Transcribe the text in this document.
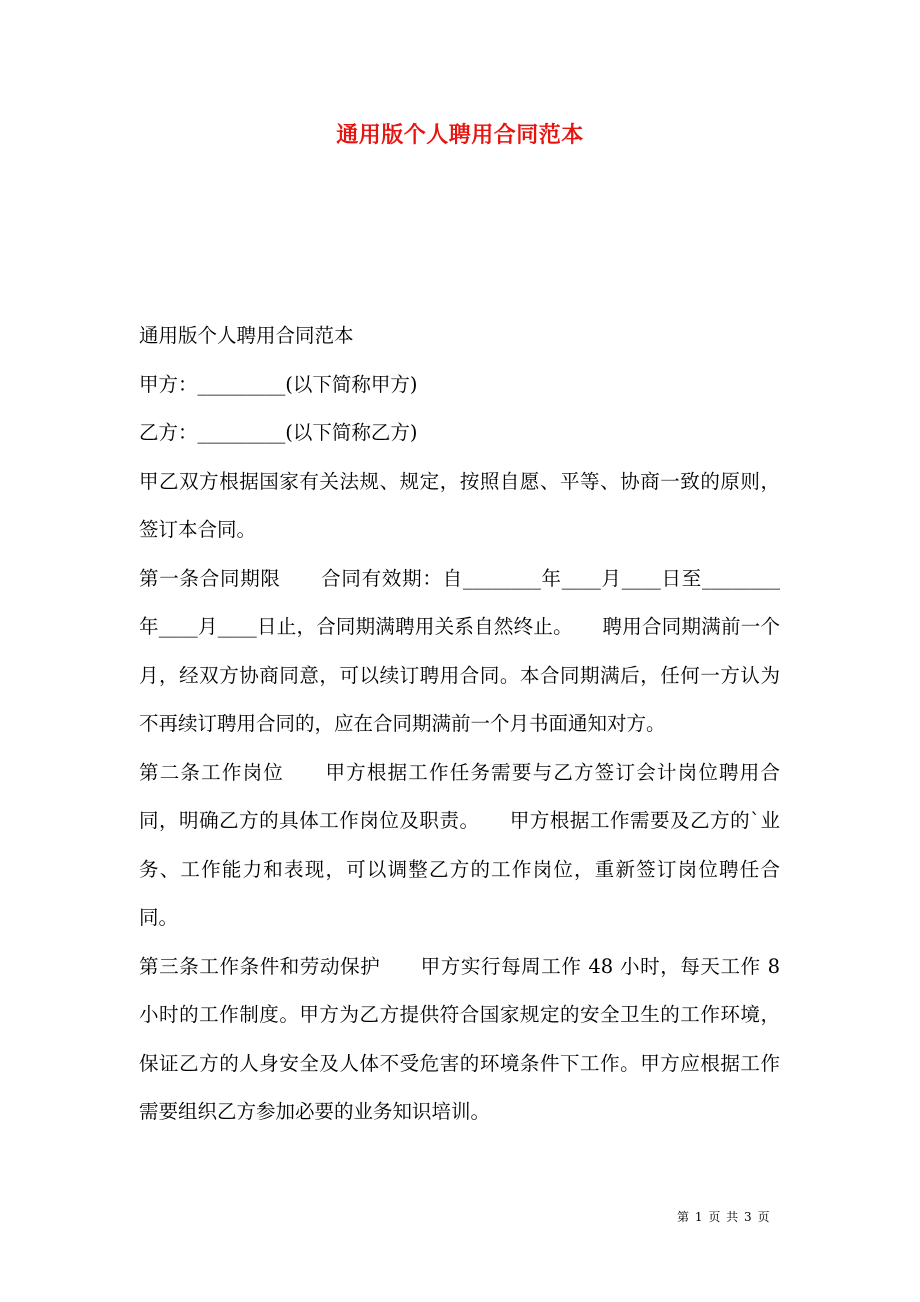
通用版个人聘用合同范本

通用版个人聘用合同范本

甲方：_________(以下简称甲方)

乙方：_________(以下简称乙方)

甲乙双方根据国家有关法规、规定，按照自愿、平等、协商一致的原则，签订本合同。

第一条合同期限　　合同有效期：自________年____月____日至________年____月____日止，合同期满聘用关系自然终止。　　聘用合同期满前一个月，经双方协商同意，可以续订聘用合同。本合同期满后，任何一方认为不再续订聘用合同的，应在合同期满前一个月书面通知对方。

第二条工作岗位　　甲方根据工作任务需要与乙方签订会计岗位聘用合同，明确乙方的具体工作岗位及职责。　　甲方根据工作需要及乙方的`业务、工作能力和表现，可以调整乙方的工作岗位，重新签订岗位聘任合同。

第三条工作条件和劳动保护　　甲方实行每周工作 48 小时，每天工作 8 小时的工作制度。甲方为乙方提供符合国家规定的安全卫生的工作环境，保证乙方的人身安全及人体不受危害的环境条件下工作。甲方应根据工作需要组织乙方参加必要的业务知识培训。

第 1 页 共 3 页
